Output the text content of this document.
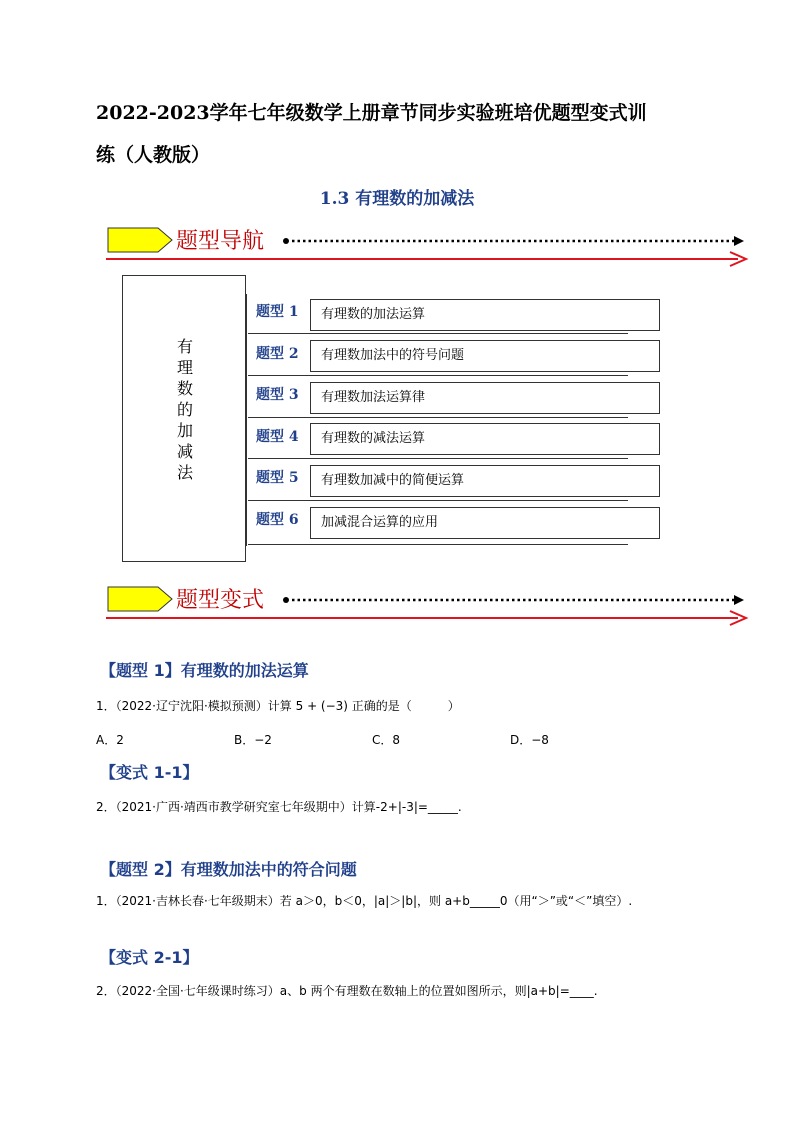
2022-2023学年七年级数学上册章节同步实验班培优题型变式训
练（人教版）
1.3 有理数的加减法
题型导航
有
理
数
的
加
减
法
题型 1	有理数的加法运算
题型 2	有理数加法中的符号问题
题型 3	有理数加法运算律
题型 4	有理数的减法运算
题型 5	有理数加减中的简便运算
题型 6	加减混合运算的应用
题型变式
【题型 1】有理数的加法运算
1．（2022·辽宁沈阳·模拟预测）计算 5 + (−3) 正确的是（　　　）
A．2	B．−2	C．8	D．−8
【变式 1-1】
2．（2021·广西·靖西市教学研究室七年级期中）计算-2+|-3|=_____.
【题型 2】有理数加法中的符合问题
1．（2021·吉林长春·七年级期末）若 a＞0，b＜0，|a|＞|b|，则 a+b_____0（用“＞”或“＜”填空）.
【变式 2-1】
2．（2022·全国·七年级课时练习）a、b 两个有理数在数轴上的位置如图所示，则|a+b|=____.
